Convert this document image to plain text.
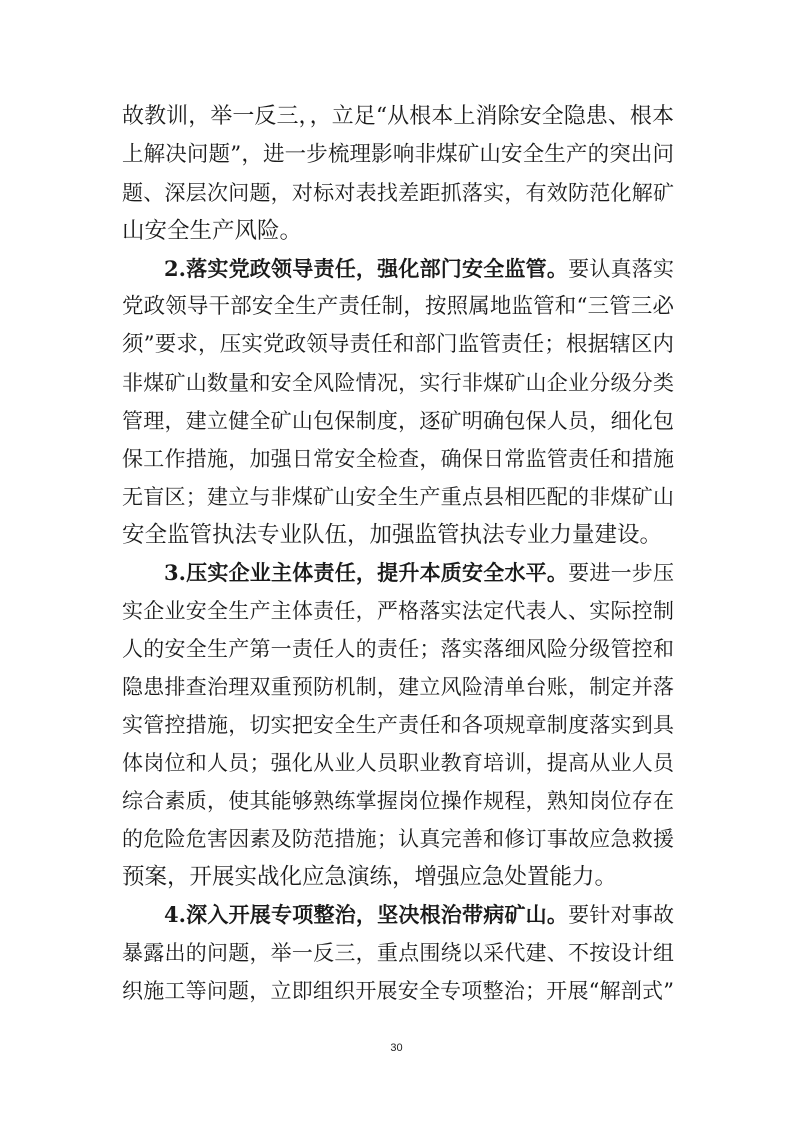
故教训，举一反三，，立足“从根本上消除安全隐患、根本
上解决问题”，进一步梳理影响非煤矿山安全生产的突出问
题、深层次问题，对标对表找差距抓落实，有效防范化解矿
山安全生产风险。
2.落实党政领导责任，强化部门安全监管。要认真落实
党政领导干部安全生产责任制，按照属地监管和“三管三必
须”要求，压实党政领导责任和部门监管责任；根据辖区内
非煤矿山数量和安全风险情况，实行非煤矿山企业分级分类
管理，建立健全矿山包保制度，逐矿明确包保人员，细化包
保工作措施，加强日常安全检查，确保日常监管责任和措施
无盲区；建立与非煤矿山安全生产重点县相匹配的非煤矿山
安全监管执法专业队伍，加强监管执法专业力量建设。
3.压实企业主体责任，提升本质安全水平。要进一步压
实企业安全生产主体责任，严格落实法定代表人、实际控制
人的安全生产第一责任人的责任；落实落细风险分级管控和
隐患排查治理双重预防机制，建立风险清单台账，制定并落
实管控措施，切实把安全生产责任和各项规章制度落实到具
体岗位和人员；强化从业人员职业教育培训，提高从业人员
综合素质，使其能够熟练掌握岗位操作规程，熟知岗位存在
的危险危害因素及防范措施；认真完善和修订事故应急救援
预案，开展实战化应急演练，增强应急处置能力。
4.深入开展专项整治，坚决根治带病矿山。要针对事故
暴露出的问题，举一反三，重点围绕以采代建、不按设计组
织施工等问题，立即组织开展安全专项整治；开展“解剖式”
30
